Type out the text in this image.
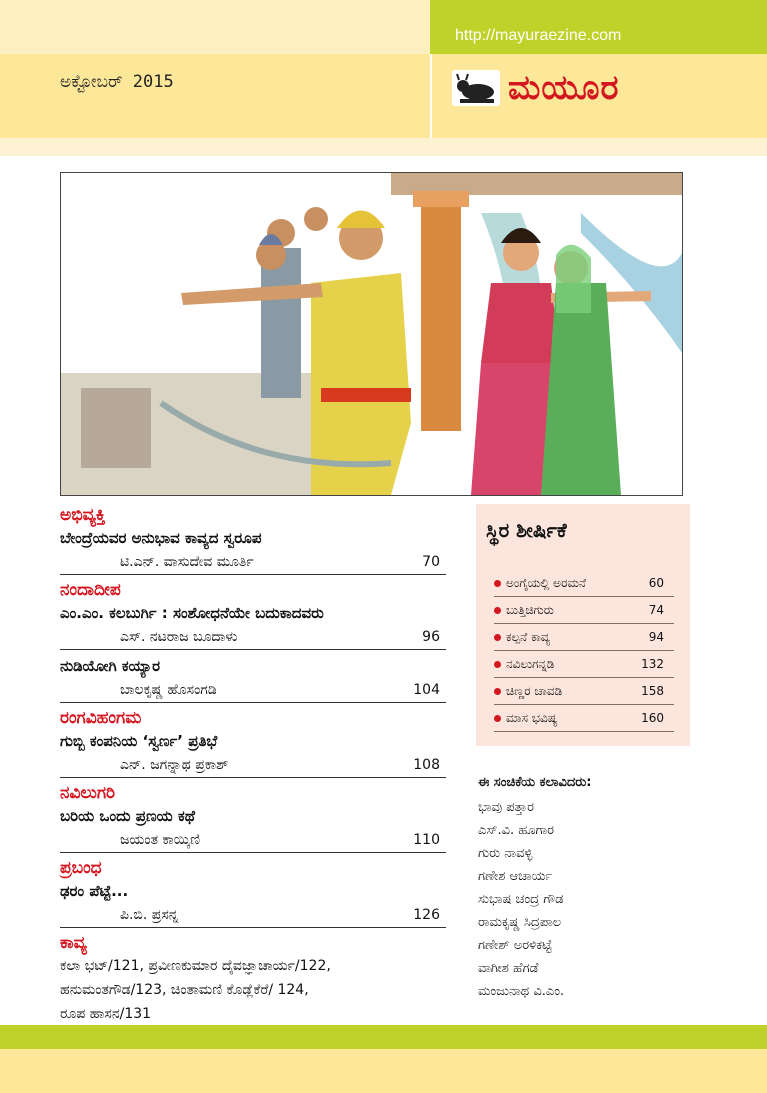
http://mayuraezine.com
ಅಕ್ಟೋಬರ್ 2015	ಮಯೂರ
ಅಭಿವ್ಯಕ್ತಿ
ಬೇಂದ್ರೆಯವರ ಅನುಭಾವ ಕಾವ್ಯದ ಸ್ವರೂಪ
ಟಿ.ಎನ್. ವಾಸುದೇವ ಮೂರ್ತಿ	70
ನಂದಾದೀಪ
ಎಂ.ಎಂ. ಕಲಬುರ್ಗಿ : ಸಂಶೋಧನೆಯೇ ಬದುಕಾದವರು
ಎಸ್. ನಟರಾಜ ಬೂದಾಳು	96
ನುಡಿಯೋಗಿ ಕಯ್ಯಾರ
ಬಾಲಕೃಷ್ಣ ಹೊಸಂಗಡಿ	104
ರಂಗವಿಹಂಗಮ
ಗುಬ್ಬಿ ಕಂಪನಿಯ ‘ಸ್ವರ್ಣ’ ಪ್ರತಿಭೆ
ಎನ್. ಜಗನ್ನಾಥ ಪ್ರಕಾಶ್	108
ನವಿಲುಗರಿ
ಬರಿಯ ಒಂದು ಪ್ರಣಯ ಕಥೆ
ಜಯಂತ ಕಾಯ್ಕಿಣಿ	110
ಪ್ರಬಂಧ
ಢರಂ ಪೆಟ್ಟೆ...
ಪಿ.ಬಿ. ಪ್ರಸನ್ನ	126
ಕಾವ್ಯ
ಕಲಾ ಭಟ್/121, ಪ್ರವೀಣಕುಮಾರ ದೈವಜ್ಞಾಚಾರ್ಯ/122,
ಹನುಮಂತಗೌಡ/123, ಚಿಂತಾಮಣಿ ಕೊಡ್ಲೆಕೆರೆ/ 124,
ರೂಪ ಹಾಸನ/131
ಸ್ಥಿರ ಶೀರ್ಷಿಕೆ
ಅಂಗೈಯಲ್ಲಿ ಅರಮನೆ	60
ಬುತ್ತಿಚಿಗುರು	74
ಕಲ್ಪನೆ ಕಾವ್ಯ	94
ನವಿಲುಗನ್ನಡಿ	132
ಚಿಣ್ಣರ ಚಾವಡಿ	158
ಮಾಸ ಭವಿಷ್ಯ	160
ಈ ಸಂಚಿಕೆಯ ಕಲಾವಿದರು:
ಭಾವು ಪತ್ತಾರ
ಎಸ್.ವಿ. ಹೂಗಾರ
ಗುರು ನಾವಳ್ಳಿ
ಗಣೇಶ ಆಚಾರ್ಯ
ಸುಭಾಷ ಚಂದ್ರ ಗೌಡ
ರಾಮಕೃಷ್ಣ ಸಿದ್ರಪಾಲ
ಗಣೇಶ್ ಅರಳಿಕಟ್ಟೆ
ವಾಗೀಶ ಹೆಗಡೆ
ಮಂಜುನಾಥ ವಿ.ಎಂ.
